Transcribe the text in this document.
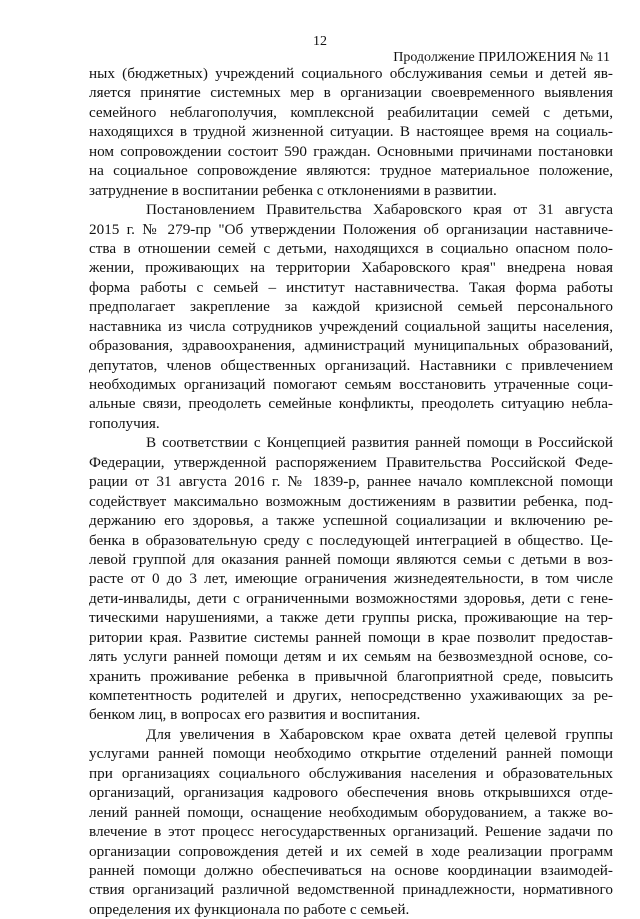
12
Продолжение ПРИЛОЖЕНИЯ № 11
ных (бюджетных) учреждений социального обслуживания семьи и детей яв-
ляется принятие системных мер в организации своевременного выявления
семейного неблагополучия, комплексной реабилитации семей с детьми,
находящихся в трудной жизненной ситуации. В настоящее время на социаль-
ном сопровождении состоит 590 граждан. Основными причинами постановки
на социальное сопровождение являются: трудное материальное положение,
затруднение в воспитании ребенка с отклонениями в развитии.
Постановлением Правительства Хабаровского края от 31 августа
2015 г. № 279-пр "Об утверждении Положения об организации наставниче-
ства в отношении семей с детьми, находящихся в социально опасном поло-
жении, проживающих на территории Хабаровского края" внедрена новая
форма работы с семьей – институт наставничества. Такая форма работы
предполагает закрепление за каждой кризисной семьей персонального
наставника из числа сотрудников учреждений социальной защиты населения,
образования, здравоохранения, администраций муниципальных образований,
депутатов, членов общественных организаций. Наставники с привлечением
необходимых организаций помогают семьям восстановить утраченные соци-
альные связи, преодолеть семейные конфликты, преодолеть ситуацию небла-
гополучия.
В соответствии с Концепцией развития ранней помощи в Российской
Федерации, утвержденной распоряжением Правительства Российской Феде-
рации от 31 августа 2016 г. № 1839-р, раннее начало комплексной помощи
содействует максимально возможным достижениям в развитии ребенка, под-
держанию его здоровья, а также успешной социализации и включению ре-
бенка в образовательную среду с последующей интеграцией в общество. Це-
левой группой для оказания ранней помощи являются семьи с детьми в воз-
расте от 0 до 3 лет, имеющие ограничения жизнедеятельности, в том числе
дети-инвалиды, дети с ограниченными возможностями здоровья, дети с гене-
тическими нарушениями, а также дети группы риска, проживающие на тер-
ритории края. Развитие системы ранней помощи в крае позволит предостав-
лять услуги ранней помощи детям и их семьям на безвозмездной основе, со-
хранить проживание ребенка в привычной благоприятной среде, повысить
компетентность родителей и других, непосредственно ухаживающих за ре-
бенком лиц, в вопросах его развития и воспитания.
Для увеличения в Хабаровском крае охвата детей целевой группы
услугами ранней помощи необходимо открытие отделений ранней помощи
при организациях социального обслуживания населения и образовательных
организаций, организация кадрового обеспечения вновь открывшихся отде-
лений ранней помощи, оснащение необходимым оборудованием, а также во-
влечение в этот процесс негосударственных организаций. Решение задачи по
организации сопровождения детей и их семей в ходе реализации программ
ранней помощи должно обеспечиваться на основе координации взаимодей-
ствия организаций различной ведомственной принадлежности, нормативного
определения их функционала по работе с семьей.
